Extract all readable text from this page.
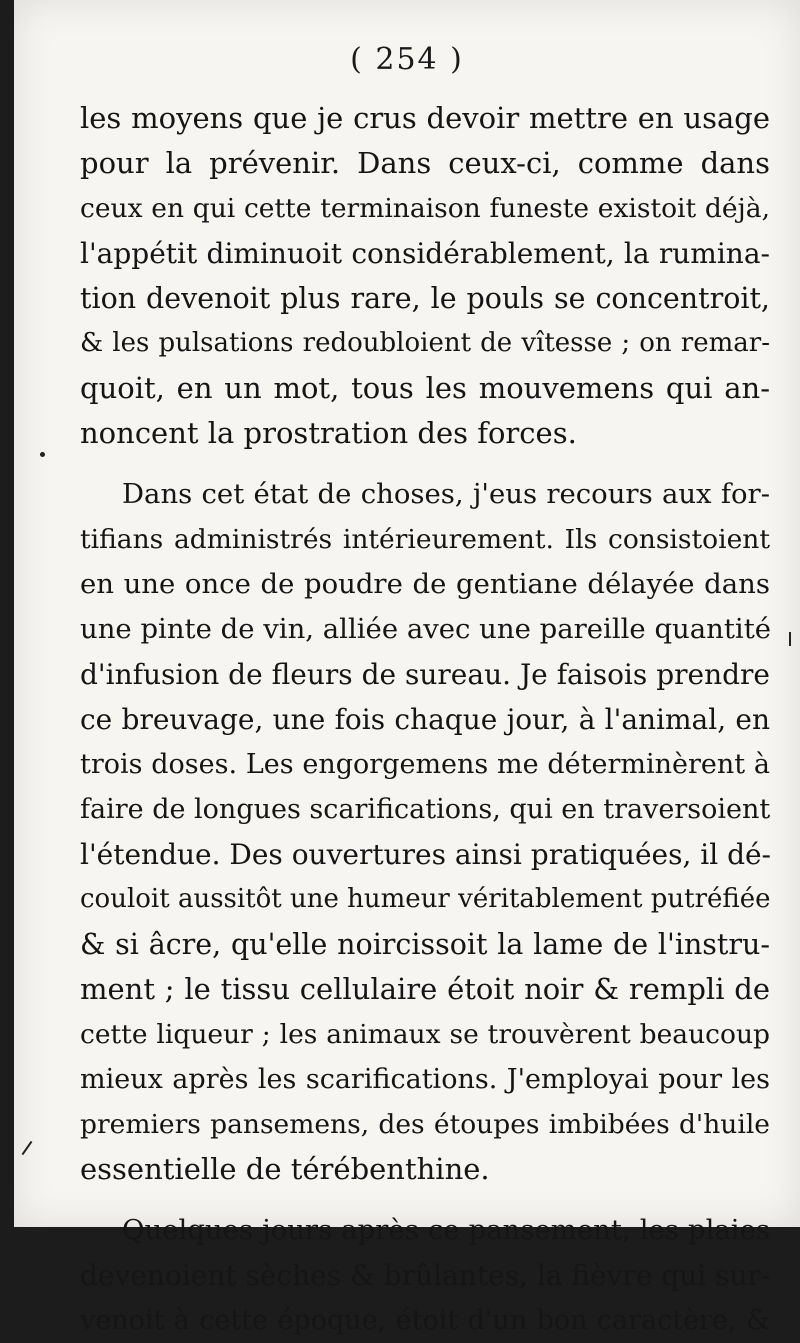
( 254 )
les moyens que je crus devoir mettre en usage
pour la prévenir. Dans ceux-ci, comme dans
ceux en qui cette terminaison funeste existoit déjà,
l'appétit diminuoit considérablement, la rumina-
tion devenoit plus rare, le pouls se concentroit,
& les pulsations redoubloient de vîtesse ; on remar-
quoit, en un mot, tous les mouvemens qui an-
noncent la prostration des forces.
Dans cet état de choses, j'eus recours aux for-
tifians administrés intérieurement. Ils consistoient
en une once de poudre de gentiane délayée dans
une pinte de vin, alliée avec une pareille quantité
d'infusion de fleurs de sureau. Je faisois prendre
ce breuvage, une fois chaque jour, à l'animal, en
trois doses. Les engorgemens me déterminèrent à
faire de longues scarifications, qui en traversoient
l'étendue. Des ouvertures ainsi pratiquées, il dé-
couloit aussitôt une humeur véritablement putréfiée
& si âcre, qu'elle noircissoit la lame de l'instru-
ment ; le tissu cellulaire étoit noir & rempli de
cette liqueur ; les animaux se trouvèrent beaucoup
mieux après les scarifications. J'employai pour les
premiers pansemens, des étoupes imbibées d'huile
essentielle de térébenthine.
Quelques jours après ce pansement, les plaies
devenoient sèches & brûlantes, la fièvre qui sur-
venoit à cette époque, étoit d'un bon caractère, &
